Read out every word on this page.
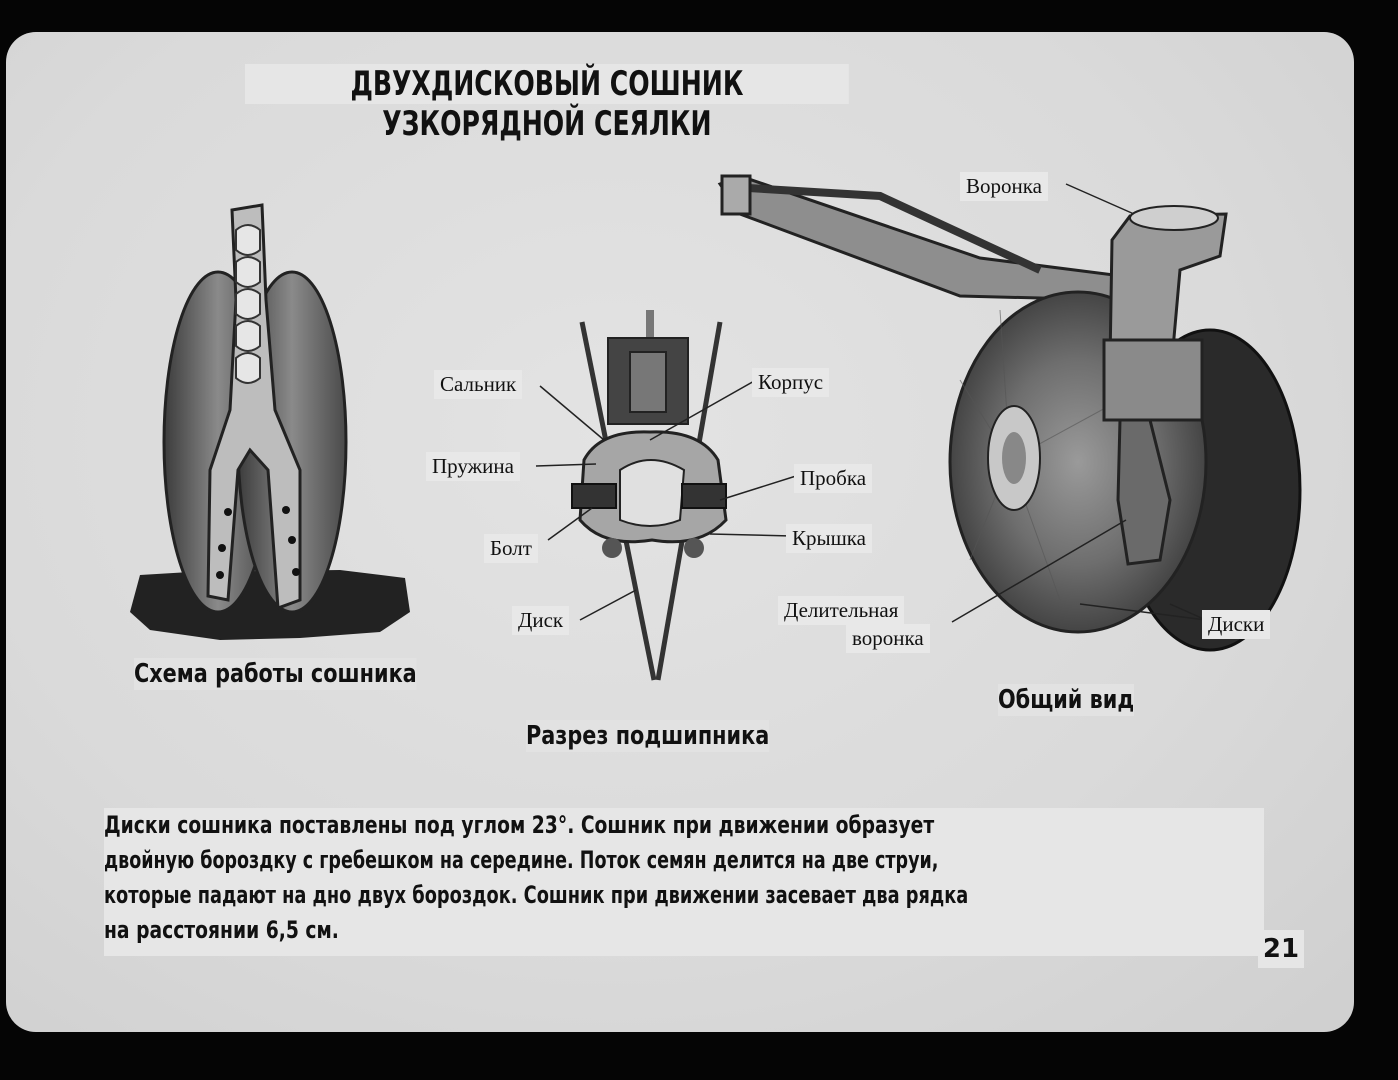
ДВУХДИСКОВЫЙ СОШНИК УЗКОРЯДНОЙ СЕЯЛКИ
Сальник	Корпус
Пружина	Пробка
Болт	Крышка
Диск
Воронка
Делительная
воронка
Диски
Схема работы сошника
Разрез подшипника
Общий вид

Диски сошника поставлены под углом 23°. Сошник при движении образует

двойную бороздку с гребешком на середине. Поток семян делится на две струи,

которые падают на дно двух бороздок. Сошник при движении засевает два рядка

на расстоянии 6,5 см.

21
